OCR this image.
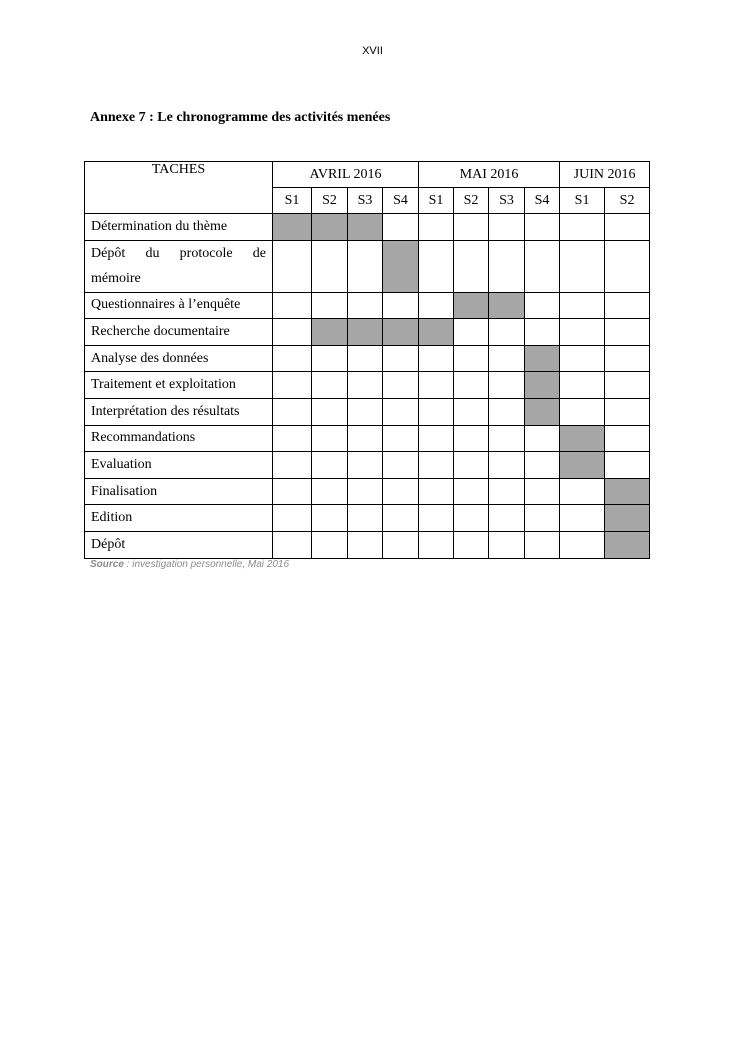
XVII
Annexe 7 : Le chronogramme des activités menées
TACHES	AVRIL 2016				MAI 2016				JUIN 2016	
	S1	S2	S3	S4	S1	S2	S3	S4	S1	S2
Détermination du thème										
Dépôt du protocole de mémoire										
Questionnaires à l’enquête										
Recherche documentaire										
Analyse des données										
Traitement et exploitation										
Interprétation des résultats										
Recommandations										
Evaluation										
Finalisation										
Edition										
Dépôt										
Source : investigation personnelle, Mai 2016
